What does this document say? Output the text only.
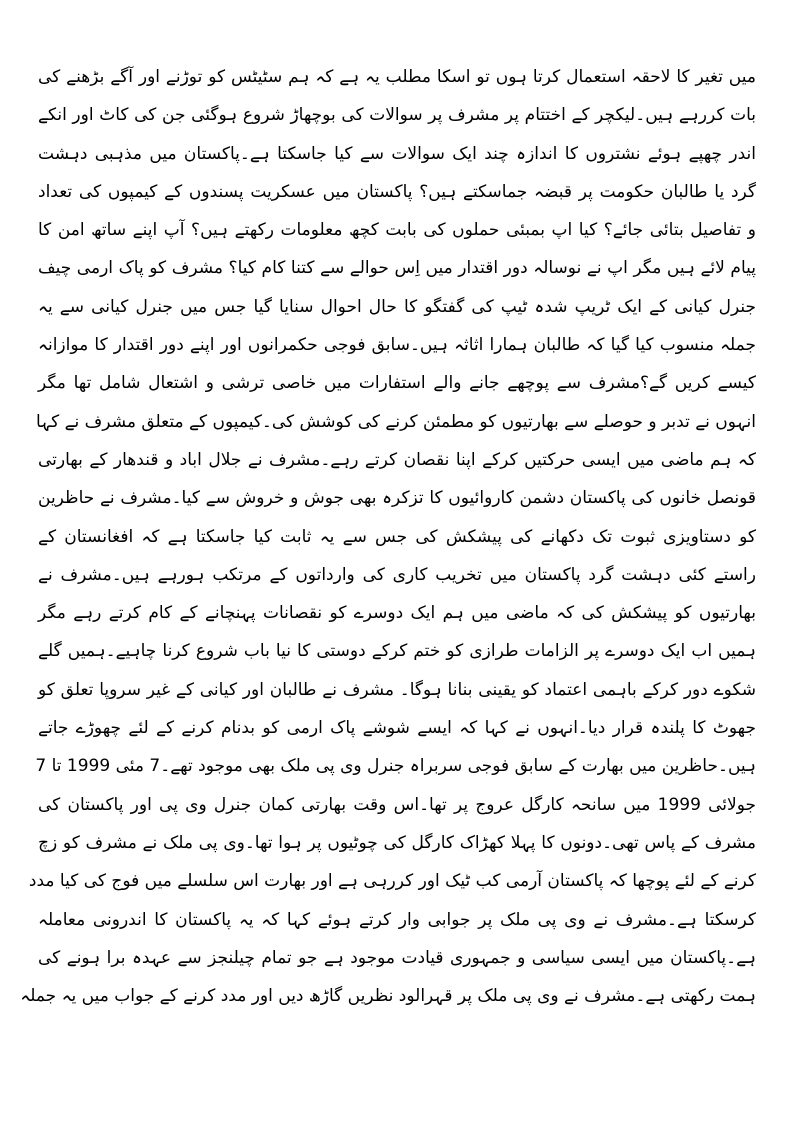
میں تغیر کا لاحقہ استعمال کرتا ہوں تو اسکا مطلب یہ ہے کہ ہم سٹیٹس کو توڑنے اور آگے بڑھنے کی
بات کررہے ہیں۔لیکچر کے اختتام پر مشرف پر سوالات کی بوچھاڑ شروع ہوگئی جن کی کاٹ اور انکے
اندر چھپے ہوئے نشتروں کا اندازہ چند ایک سوالات سے کیا جاسکتا ہے۔پاکستان میں مذہبی دہشت
گرد یا طالبان حکومت پر قبضہ جماسکتے ہیں؟ پاکستان میں عسکریت پسندوں کے کیمپوں کی تعداد
و تفاصیل بتائی جائے؟ کیا اپ بمبئی حملوں کی بابت کچھ معلومات رکھتے ہیں؟ آپ اپنے ساتھ امن کا
پیام لائے ہیں مگر اپ نے نوسالہ دور اقتدار میں اِس حوالے سے کتنا کام کیا؟ مشرف کو پاک ارمی چیف
جنرل کیانی کے ایک ٹریپ شدہ ٹیپ کی گفتگو کا حال احوال سنایا گیا جس میں جنرل کیانی سے یہ
جملہ منسوب کیا گیا کہ طالبان ہمارا اثاثہ ہیں۔سابق فوجی حکمرانوں اور اپنے دور اقتدار کا موازانہ
کیسے کریں گے؟مشرف سے پوچھے جانے والے استفارات میں خاصی ترشی و اشتعال شامل تھا مگر
انہوں نے تدبر و حوصلے سے بھارتیوں کو مطمئن کرنے کی کوشش کی۔کیمپوں کے متعلق مشرف نے کہا
کہ ہم ماضی میں ایسی حرکتیں کرکے اپنا نقصان کرتے رہے۔مشرف نے جلال اباد و قندھار کے بھارتی
قونصل خانوں کی پاکستان دشمن کاروائیوں کا تزکرہ بھی جوش و خروش سے کیا۔مشرف نے حاظرین
کو دستاویزی ثبوت تک دکھانے کی پیشکش کی جس سے یہ ثابت کیا جاسکتا ہے کہ افغانستان کے
راستے کئی دہشت گرد پاکستان میں تخریب کاری کی وارداتوں کے مرتکب ہورہے ہیں۔مشرف نے
بھارتیوں کو پیشکش کی کہ ماضی میں ہم ایک دوسرے کو نقصانات پہنچانے کے کام کرتے رہے مگر
ہمیں اب ایک دوسرے پر الزامات طرازی کو ختم کرکے دوستی کا نیا باب شروع کرنا چاہیے۔ہمیں گلے
شکوے دور کرکے باہمی اعتماد کو یقینی بنانا ہوگا۔ مشرف نے طالبان اور کیانی کے غیر سروپا تعلق کو
جھوٹ کا پلندہ قرار دیا۔انہوں نے کہا کہ ایسے شوشے پاک ارمی کو بدنام کرنے کے لئے چھوڑے جاتے
ہیں۔حاظرین میں بھارت کے سابق فوجی سربراہ جنرل وی پی ملک بھی موجود تھے۔7 مئی 1999 تا 7
جولائی 1999 میں سانحہ کارگل عروج پر تھا۔اس وقت بھارتی کمان جنرل وی پی اور پاکستان کی
مشرف کے پاس تھی۔دونوں کا پہلا کھڑاک کارگل کی چوٹیوں پر ہوا تھا۔وی پی ملک نے مشرف کو زچ
کرنے کے لئے پوچھا کہ پاکستان آرمی کب ٹیک اور کررہی ہے اور بھارت اس سلسلے میں فوج کی کیا مدد
کرسکتا ہے۔مشرف نے وی پی ملک پر جوابی وار کرتے ہوئے کہا کہ یہ پاکستان کا اندرونی معاملہ
ہے۔پاکستان میں ایسی سیاسی و جمہوری قیادت موجود ہے جو تمام چیلنجز سے عہدہ برا ہونے کی
ہمت رکھتی ہے۔مشرف نے وی پی ملک پر قہرالود نظریں گاڑھ دیں اور مدد کرنے کے جواب میں یہ جملہ
